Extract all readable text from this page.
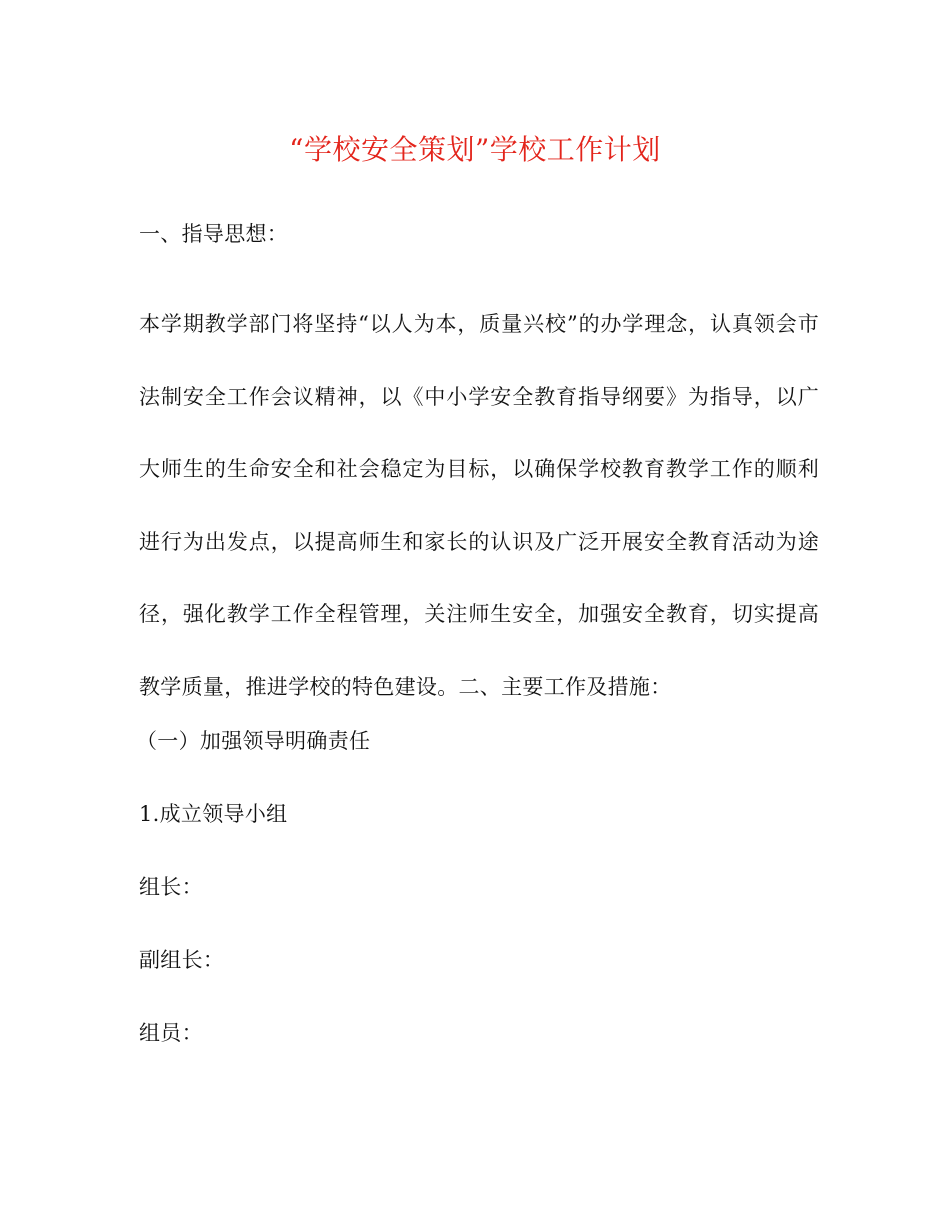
“学校安全策划”学校工作计划
一、指导思想：
本学期教学部门将坚持“以人为本，质量兴校”的办学理念，认真领会市法制安全工作会议精神，以《中小学安全教育指导纲要》为指导，以广大师生的生命安全和社会稳定为目标，以确保学校教育教学工作的顺利进行为出发点，以提高师生和家长的认识及广泛开展安全教育活动为途径，强化教学工作全程管理，关注师生安全，加强安全教育，切实提高教学质量，推进学校的特色建设。二、主要工作及措施：
（一）加强领导明确责任
1.成立领导小组
组长：
副组长：
组员：
